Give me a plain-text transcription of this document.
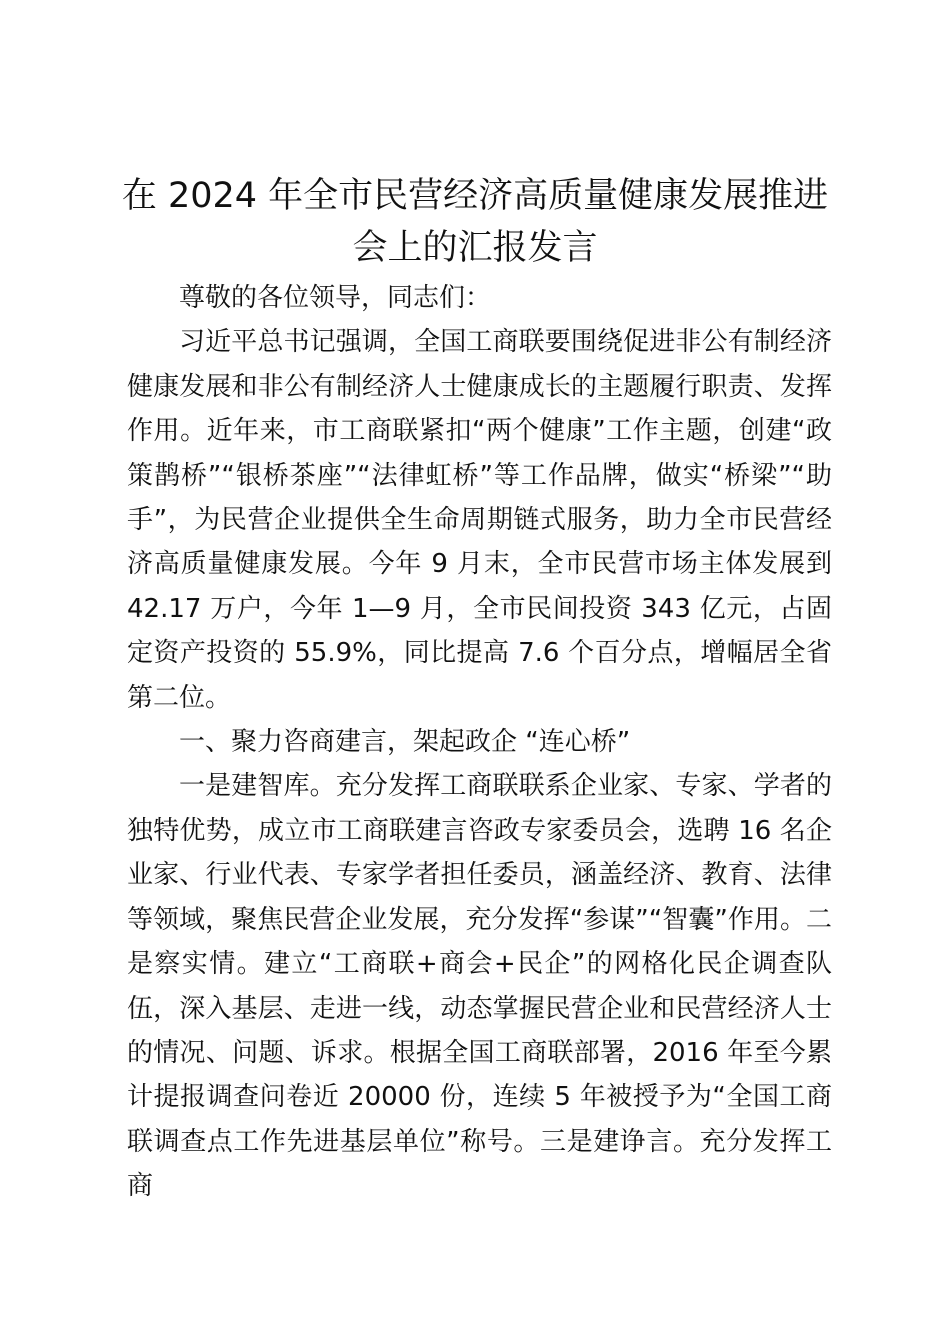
在 2024 年全市民营经济高质量健康发展推进会上的汇报发言

尊敬的各位领导，同志们：

习近平总书记强调，全国工商联要围绕促进非公有制经济健康发展和非公有制经济人士健康成长的主题履行职责、发挥作用。近年来，市工商联紧扣“两个健康”工作主题，创建“政策鹊桥”“银桥茶座”“法律虹桥”等工作品牌，做实“桥梁”“助手”，为民营企业提供全生命周期链式服务，助力全市民营经济高质量健康发展。今年 9 月末，全市民营市场主体发展到 42.17 万户，今年 1—9 月，全市民间投资 343 亿元，占固定资产投资的 55.9%，同比提高 7.6 个百分点，增幅居全省第二位。

一、聚力咨商建言，架起政企 “连心桥”

一是建智库。充分发挥工商联联系企业家、专家、学者的独特优势，成立市工商联建言咨政专家委员会，选聘 16 名企业家、行业代表、专家学者担任委员，涵盖经济、教育、法律等领域，聚焦民营企业发展，充分发挥“参谋”“智囊”作用。二是察实情。建立“工商联+商会+民企”的网格化民企调查队伍，深入基层、走进一线，动态掌握民营企业和民营经济人士的情况、问题、诉求。根据全国工商联部署，2016 年至今累计提报调查问卷近 20000 份，连续 5 年被授予为“全国工商联调查点工作先进基层单位”称号。三是建诤言。充分发挥工商
